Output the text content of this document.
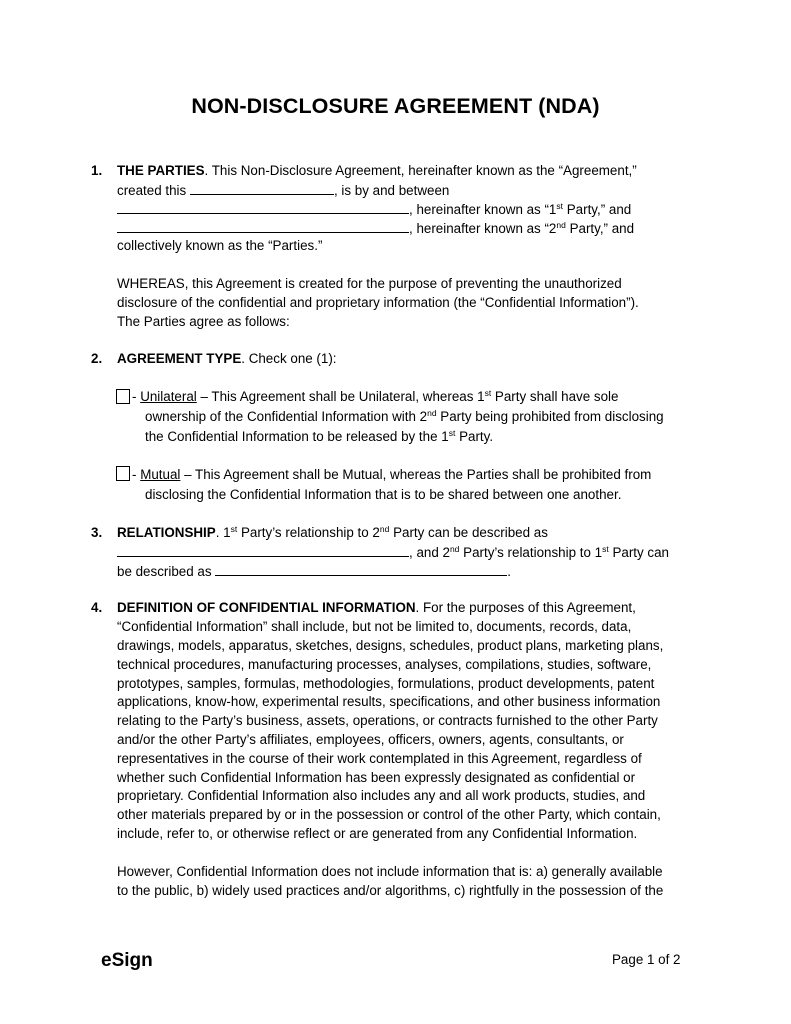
NON-DISCLOSURE AGREEMENT (NDA)
1. THE PARTIES. This Non-Disclosure Agreement, hereinafter known as the “Agreement,”
created this	, is by and between
, hereinafter known as “1st Party,” and
, hereinafter known as “2nd Party,” and
collectively known as the “Parties.”
WHEREAS, this Agreement is created for the purpose of preventing the unauthorized
disclosure of the confidential and proprietary information (the “Confidential Information”).
The Parties agree as follows:
2. AGREEMENT TYPE. Check one (1):
- Unilateral – This Agreement shall be Unilateral, whereas 1st Party shall have sole
ownership of the Confidential Information with 2nd Party being prohibited from disclosing
the Confidential Information to be released by the 1st Party.
- Mutual – This Agreement shall be Mutual, whereas the Parties shall be prohibited from
disclosing the Confidential Information that is to be shared between one another.
3. RELATIONSHIP. 1st Party’s relationship to 2nd Party can be described as
, and 2nd Party’s relationship to 1st Party can
be described as	.
4. DEFINITION OF CONFIDENTIAL INFORMATION. For the purposes of this Agreement,
“Confidential Information” shall include, but not be limited to, documents, records, data,
drawings, models, apparatus, sketches, designs, schedules, product plans, marketing plans,
technical procedures, manufacturing processes, analyses, compilations, studies, software,
prototypes, samples, formulas, methodologies, formulations, product developments, patent
applications, know-how, experimental results, specifications, and other business information
relating to the Party’s business, assets, operations, or contracts furnished to the other Party
and/or the other Party’s affiliates, employees, officers, owners, agents, consultants, or
representatives in the course of their work contemplated in this Agreement, regardless of
whether such Confidential Information has been expressly designated as confidential or
proprietary. Confidential Information also includes any and all work products, studies, and
other materials prepared by or in the possession or control of the other Party, which contain,
include, refer to, or otherwise reflect or are generated from any Confidential Information.
However, Confidential Information does not include information that is: a) generally available
to the public, b) widely used practices and/or algorithms, c) rightfully in the possession of the
eSign	Page 1 of 2
